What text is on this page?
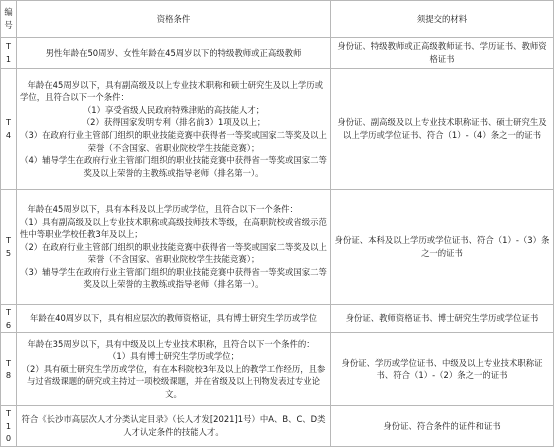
编号	资格条件	须提交的材料
T1	男性年龄在50周岁、女性年龄在45周岁以下的特级教师或正高级教师	身份证、特级教师或正高级教师证书、学历证书、教师资格证书
T4	年龄在45周岁以下，具有副高级及以上专业技术职称和硕士研究生及以上学历或学位，且符合以下一个条件：
（1）享受省级人民政府特殊津贴的高技能人才；
（2）获得国家发明专利（排名前3）1项及以上；
（3）在政府行业主管部门组织的职业技能竞赛中获得者一等奖或国家二等奖及以上荣誉（不含国家、省职业院校学生技能竞赛）；
（4）辅导学生在政府行业主管部门组织的职业技能竞赛中获得省一等奖或国家二等奖及以上荣誉的主教练或指导老师（排名第一）。	身份证、副高级及以上专业技术职称证书、硕士研究生及以上学历或学位证书、符合（1）-（4）条之一的证书
T5	年龄在45周岁以下，具有本科及以上学历或学位，且符合以下一个条件：
（1）具有副高级及以上专业技术职称或高级技师技术等级，在高职院校或省级示范性中等职业学校任教3年及以上；
（2）在政府行业主管部门组织的职业技能竞赛中获得省一等奖或国家二等奖及以上荣誉（不含国家、省职业院校学生技能竞赛）；
（3）辅导学生在政府行业主管部门组织的职业技能竞赛中获得省一等奖或国家二等奖及以上荣誉的主教练或指导老师（排名第一）。	身份证、本科及以上学历或学位证书、符合（1）-（3）条之一的证书
T6	年龄在40周岁以下，具有相应层次的教师资格证，具有博士研究生学历或学位	身份证、教师资格证书、博士研究生学历或学位证书
T8	年龄在35周岁以下，具有中级及以上专业技术职称，且符合以下一个条件的：
（1）具有博士研究生学历或学位；
（2）具有硕士研究生学历或学位，有在本科院校3年及以上的教学工作经历，且参与过省级课题的研究或主持过一项校级课题，并在省级及以上刊物发表过专业论文。	身份证、学历或学位证书、中级及以上专业技术职称证书、符合（1）-（2）条之一的证书
T10	符合《长沙市高层次人才分类认定目录》（长人才发[2021]1号）中A、B、C、D类人才认定条件的技能人才。	身份证、符合条件的证件和证书
